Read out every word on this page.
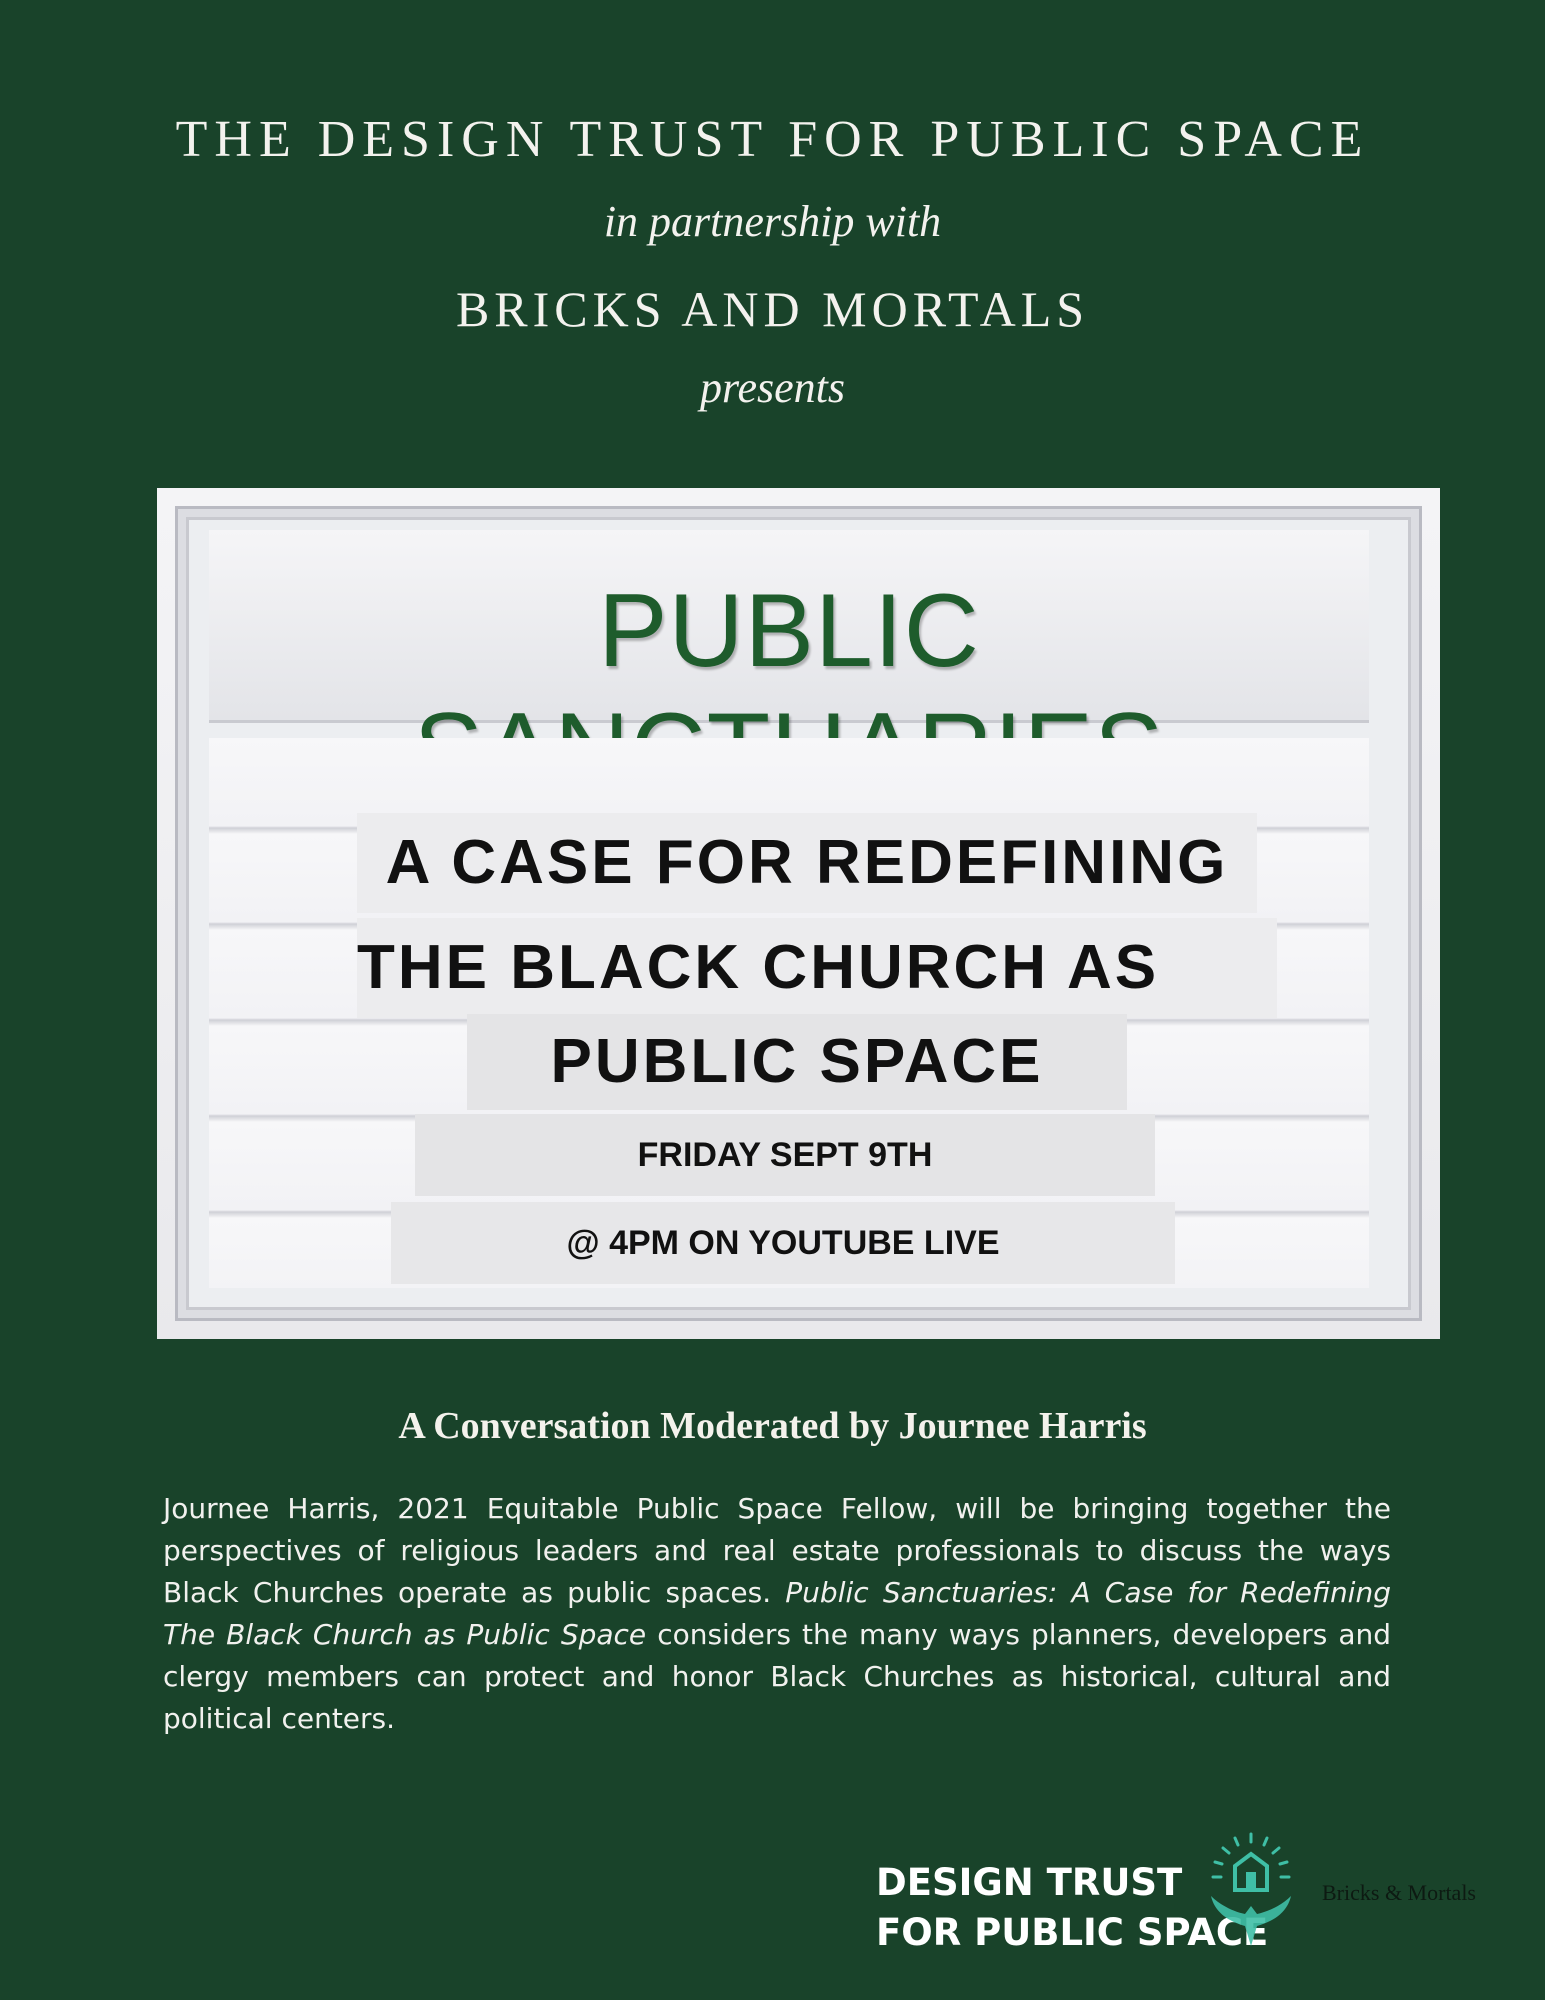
THE DESIGN TRUST FOR PUBLIC SPACE
in partnership with
BRICKS AND MORTALS
presents
PUBLIC
A CASE FOR REDEFINING
THE BLACK CHURCH AS
PUBLIC SPACE
FRIDAY SEPT 9TH
@ 4PM ON YOUTUBE LIVE
A Conversation Moderated by Journee Harris
Journee Harris, 2021 Equitable Public Space Fellow, will be bringing together the perspectives of religious leaders and real estate professionals to discuss the ways Black Churches operate as public spaces. Public Sanctuaries: A Case for Redefining The Black Church as Public Space considers the many ways planners, developers and clergy members can protect and honor Black Churches as historical, cultural and political centers.
DESIGN TRUST
FOR PUBLIC SPACE
Bricks & Mortals
